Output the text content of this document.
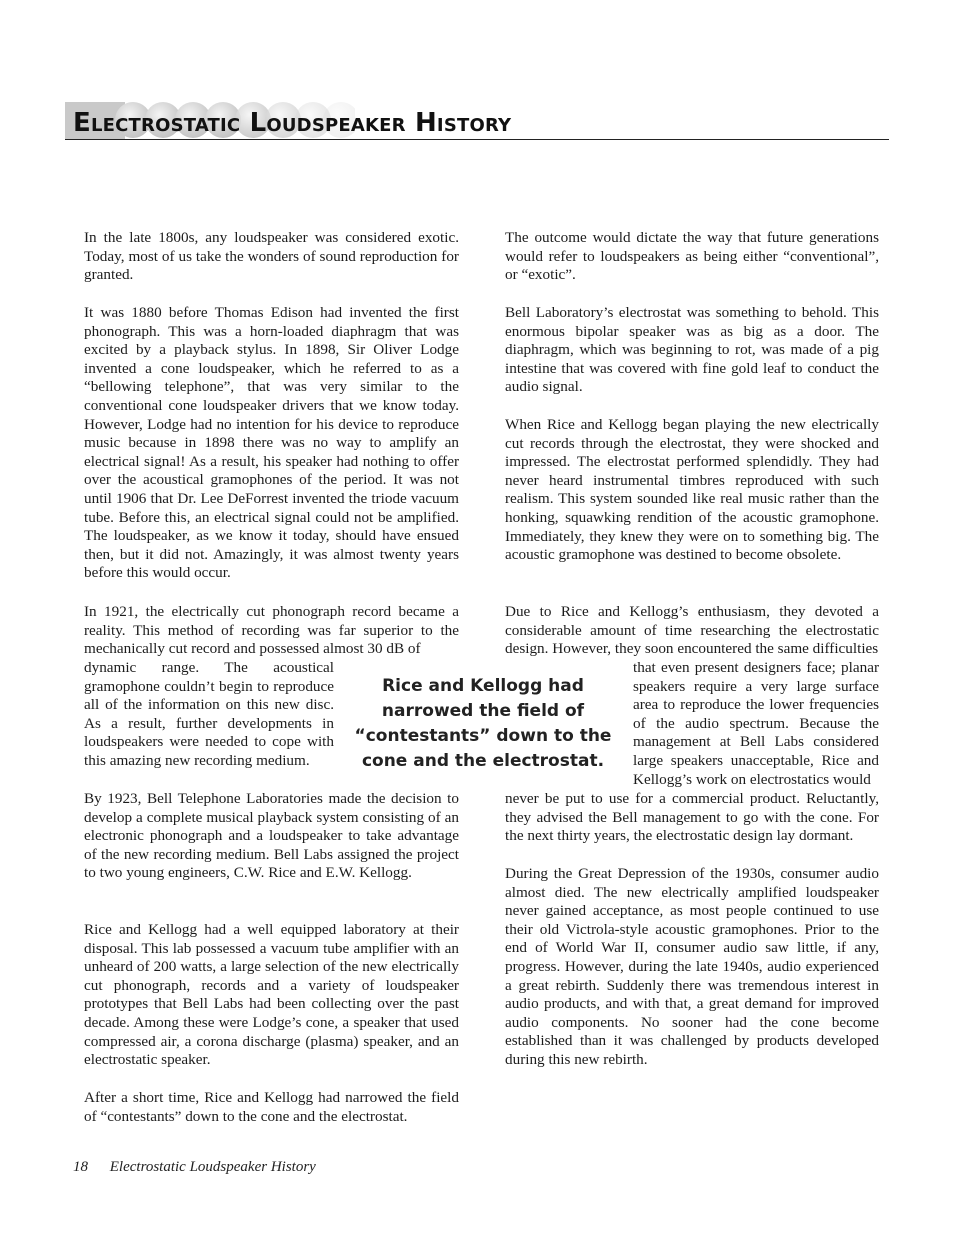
Electrostatic Loudspeaker History

In the late 1800s, any loudspeaker was considered exotic. Today, most of us take the wonders of sound reproduction for granted.

It was 1880 before Thomas Edison had invented the first phonograph. This was a horn-loaded diaphragm that was excited by a playback stylus. In 1898, Sir Oliver Lodge invented a cone loudspeaker, which he referred to as a “bellowing telephone”, that was very similar to the conventional cone loudspeaker drivers that we know today. However, Lodge had no intention for his device to reproduce music because in 1898 there was no way to amplify an electrical signal! As a result, his speaker had nothing to offer over the acoustical gramophones of the period. It was not until 1906 that Dr. Lee DeForrest invented the triode vacuum tube. Before this, an electrical signal could not be amplified. The loudspeaker, as we know it today, should have ensued then, but it did not. Amazingly, it was almost twenty years before this would occur.

In 1921, the electrically cut phonograph record became a reality. This method of recording was far superior to the mechanically cut record and possessed almost 30 dB of

dynamic range. The acoustical gramophone couldn’t begin to reproduce all of the information on this new disc. As a result, further developments in loudspeakers were needed to cope with this amazing new recording medium.

By 1923, Bell Telephone Laboratories made the decision to develop a complete musical playback system consisting of an electronic phonograph and a loudspeaker to take advantage of the new recording medium. Bell Labs assigned the project to two young engineers, C.W. Rice and E.W. Kellogg.

Rice and Kellogg had a well equipped laboratory at their disposal. This lab possessed a vacuum tube amplifier with an unheard of 200 watts, a large selection of the new electrically cut phonograph, records and a variety of loudspeaker prototypes that Bell Labs had been collecting over the past decade. Among these were Lodge’s cone, a speaker that used compressed air, a corona discharge (plasma) speaker, and an electrostatic speaker.

After a short time, Rice and Kellogg had narrowed the field of “contestants” down to the cone and the electrostat.

The outcome would dictate the way that future generations would refer to loudspeakers as being either “conventional”, or “exotic”.

Bell Laboratory’s electrostat was something to behold. This enormous bipolar speaker was as big as a door. The diaphragm, which was beginning to rot, was made of a pig intestine that was covered with fine gold leaf to conduct the audio signal.

When Rice and Kellogg began playing the new electrically cut records through the electrostat, they were shocked and impressed. The electrostat performed splendidly. They had never heard instrumental timbres reproduced with such realism. This system sounded like real music rather than the honking, squawking rendition of the acoustic gramophone. Immediately, they knew they were on to something big. The acoustic gramophone was destined to become obsolete.

Due to Rice and Kellogg’s enthusiasm, they devoted a considerable amount of time researching the electrostatic design. However, they soon encountered the same difficulties

that even present designers face; planar speakers require a very large surface area to reproduce the lower frequencies of the audio spectrum. Because the management at Bell Labs considered large speakers unacceptable, Rice and Kellogg’s work on electrostatics would

never be put to use for a commercial product. Reluctantly, they advised the Bell management to go with the cone. For the next thirty years, the electrostatic design lay dormant.

During the Great Depression of the 1930s, consumer audio almost died. The new electrically amplified loudspeaker never gained acceptance, as most people continued to use their old Victrola-style acoustic gramophones. Prior to the end of World War II, consumer audio saw little, if any, progress. However, during the late 1940s, audio experienced a great rebirth. Suddenly there was tremendous interest in audio products, and with that, a great demand for improved audio components. No sooner had the cone become established than it was challenged by products developed during this new rebirth.

Rice and Kellogg had narrowed the field of “contestants” down to the cone and the electrostat.

18 Electrostatic Loudspeaker History
